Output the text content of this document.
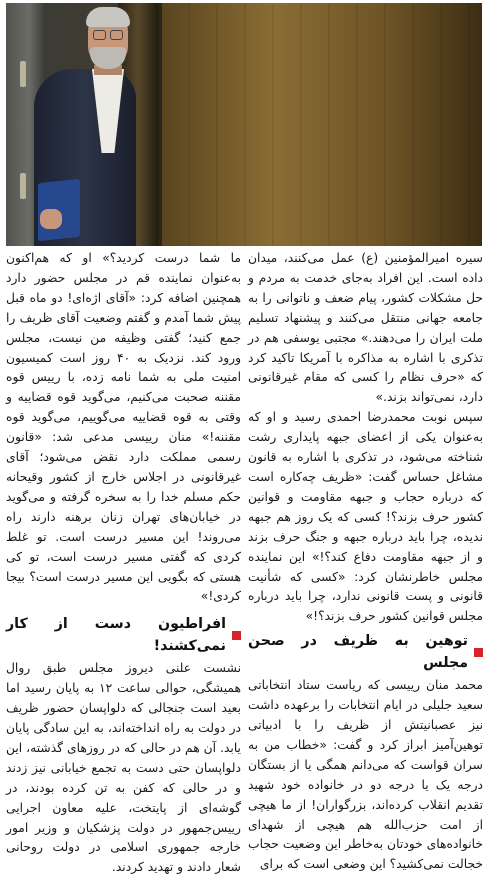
سیره امیرالمؤمنین (ع) عمل می‌کنند، میدان داده است. این افراد به‌جای خدمت به مردم و حل مشکلات کشور، پیام ضعف و ناتوانی را به جامعه جهانی منتقل می‌کنند و پیشنهاد تسلیم ملت ایران را می‌دهند.» مجتبی یوسفی هم در تذکری با اشاره به مذاکره با آمریکا تاکید کرد که «حرف نظام را کسی که مقام غیرقانونی دارد، نمی‌تواند بزند.»

سپس نوبت محمدرضا احمدی رسید و او که به‌عنوان یکی از اعضای جبهه پایداری رشت شناخته می‌شود، در تذکری با اشاره به قانون مشاغل حساس گفت: «ظریف چه‌کاره است که درباره حجاب و جبهه مقاومت و قوانین کشور حرف بزند؟! کسی که یک روز هم جبهه ندیده، چرا باید درباره جبهه و جنگ حرف بزند و از جبهه مقاومت دفاع کند؟!» این نماینده مجلس خاطرنشان کرد: «کسی که شأنیت قانونی و پست قانونی ندارد، چرا باید درباره مجلس قوانین کشور حرف بزند؟!»

توهین به ظریف در صحن مجلس

محمد منان رییسی که ریاست ستاد انتخاباتی سعید جلیلی در ایام انتخابات را برعهده داشت نیز عصبانیتش از ظریف را با ادبیاتی توهین‌آمیز ابراز کرد و گفت: «خطاب من به سران قواست که می‌دانم همگی یا از بستگان درجه یک یا درجه دو در خانواده خود شهید تقدیم انقلاب کرده‌اند، بزرگواران! از ما هیچی از امت حزب‌الله هم هیچی از شهدای خانواده‌های خودتان به‌خاطر این وضعیت حجاب خجالت نمی‌کشید؟ این وضعی است که برای

ما شما درست کردید؟» او که هم‌اکنون به‌عنوان نماینده قم در مجلس حضور دارد همچنین اضافه کرد: «آقای اژه‌ای! دو ماه قبل پیش شما آمدم و گفتم وضعیت آقای ظریف را جمع کنید؛ گفتی وظیفه من نیست، مجلس ورود کند. نزدیک به ۴۰ روز است کمیسیون امنیت ملی به شما نامه زده، با رییس قوه مقننه صحبت می‌کنیم، می‌گوید قوه قضاییه و وقتی به قوه قضاییه می‌گوییم، می‌گوید قوه مقننه!» منان رییسی مدعی شد: «قانون رسمی مملکت دارد نقض می‌شود؛ آقای غیرقانونی در اجلاس خارج از کشور وقیحانه حکم مسلم خدا را به سخره گرفته و می‌گوید در خیابان‌های تهران زنان برهنه دارند راه می‌روند! این مسیر درست است. تو غلط کردی که گفتی مسیر درست است، تو کی هستی که بگویی این مسیر درست است؟ بیجا کردی!»

افراطیون دست از کار نمی‌کشند!

نشست علنی دیروز مجلس طبق روال همیشگی، حوالی ساعت ۱۲ به پایان رسید اما بعید است جنجالی که دلواپسان حضور ظریف در دولت به راه انداخته‌اند، به این سادگی پایان یابد. آن هم در حالی که در روزهای گذشته، این دلواپسان حتی دست به تجمع خیابانی نیز زدند و در حالی که کفن به تن کرده بودند، در گوشه‌ای از پایتخت، علیه معاون اجرایی رییس‌جمهور در دولت پزشکیان و وزیر امور خارجه جمهوری اسلامی در دولت روحانی شعار دادند و تهدید کردند.
